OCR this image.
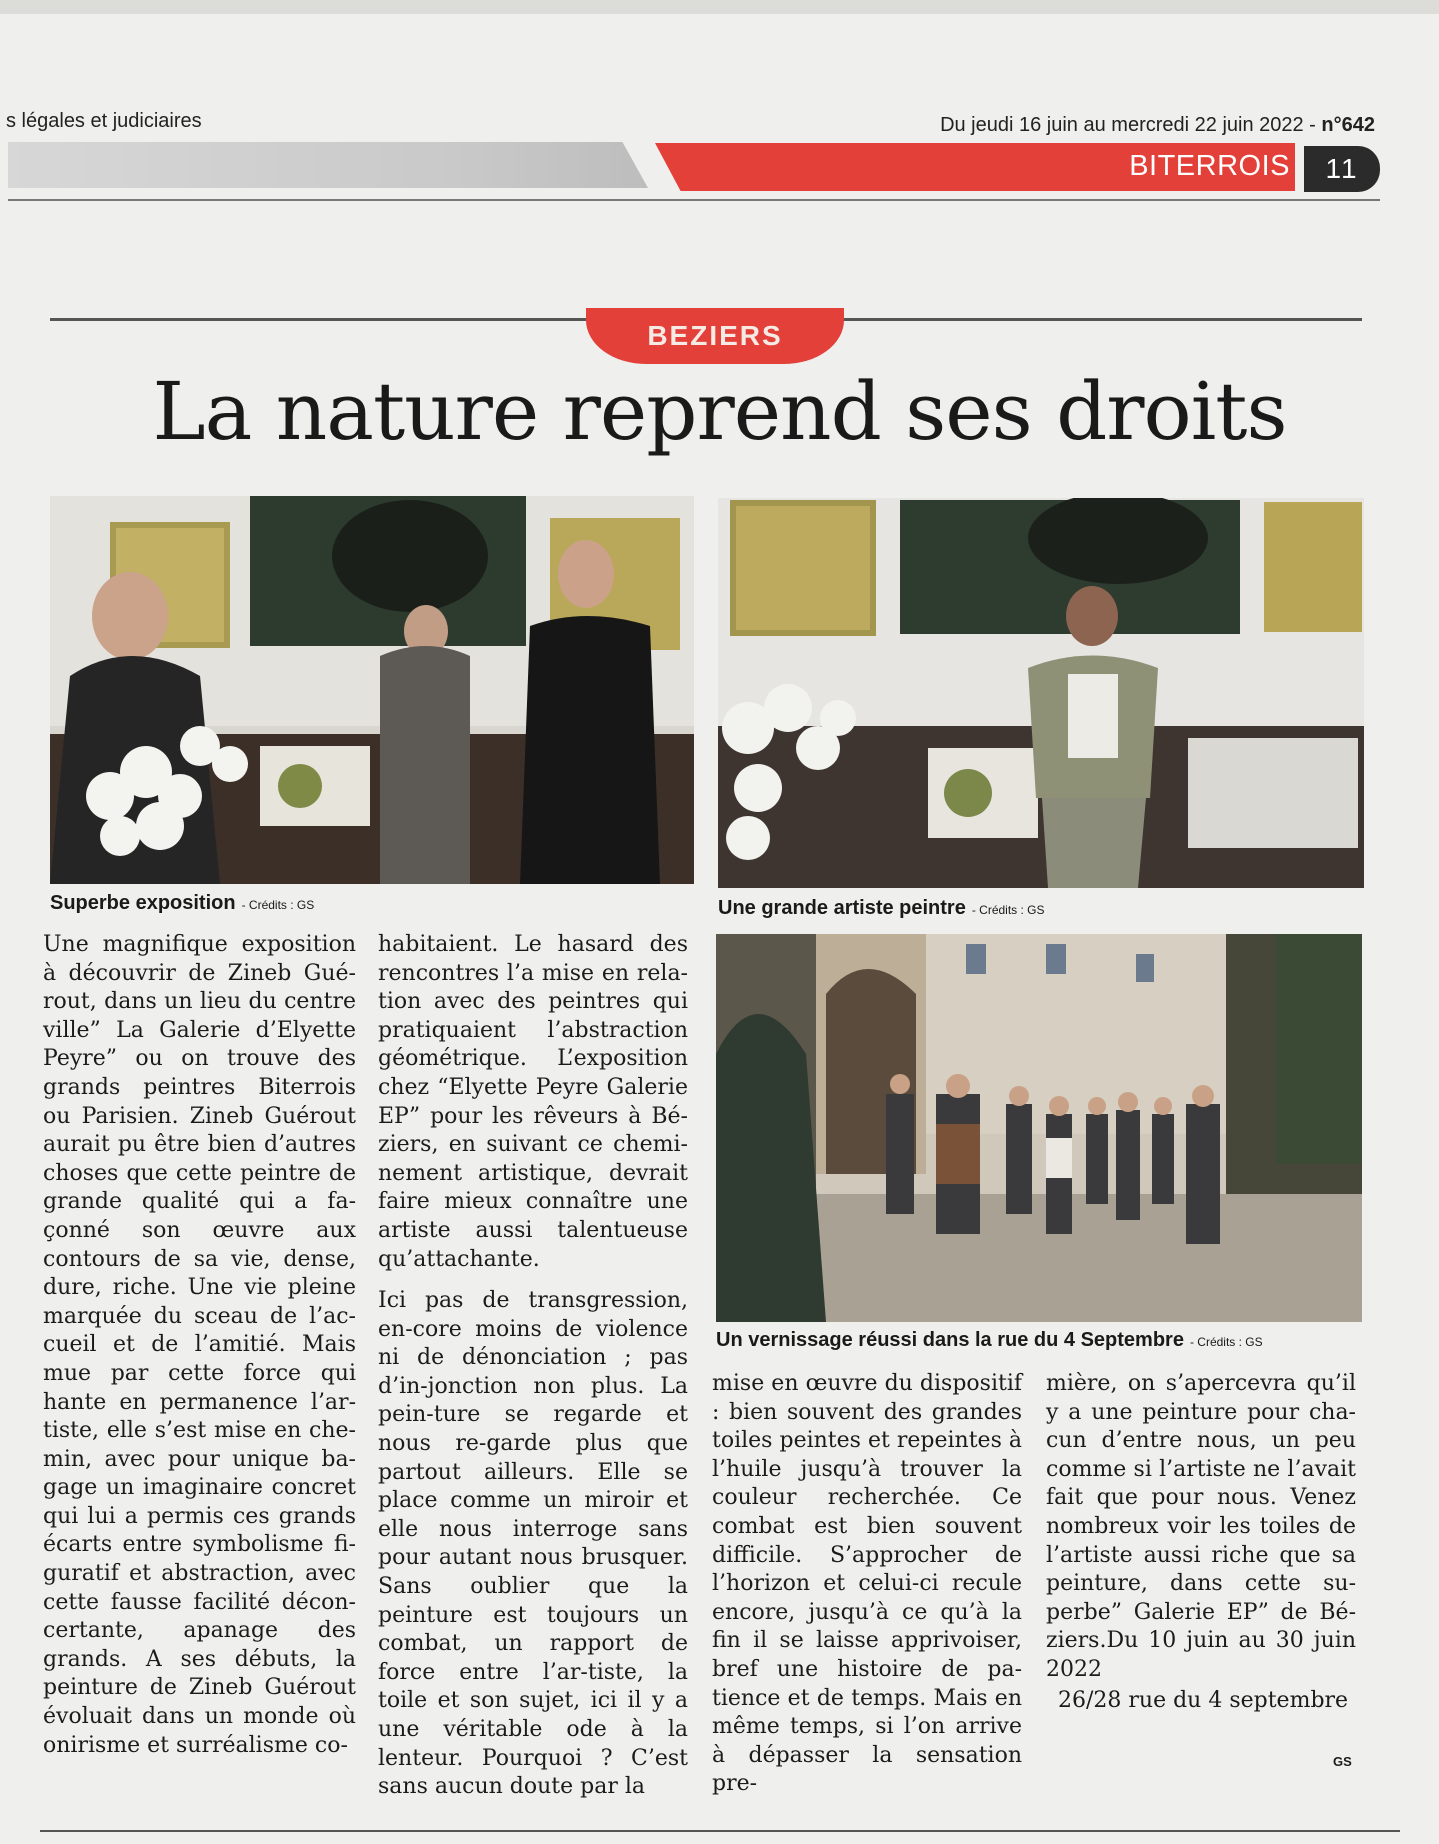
s légales et judiciaires	Du jeudi 16 juin au mercredi 22 juin 2022 - n°642
BITERROIS	11
BEZIERS
La nature reprend ses droits
Superbe exposition - Crédits : GS	Une grande artiste peintre - Crédits : GS
Un vernissage réussi dans la rue du 4 Septembre - Crédits : GS
Une magnifique exposition à découvrir de Zineb Gué-rout, dans un lieu du centre ville” La Galerie d’Elyette Peyre” ou on trouve des grands peintres Biterrois ou Parisien. Zineb Guérout aurait pu être bien d’autres choses que cette peintre de grande qualité qui a fa-çonné son œuvre aux contours de sa vie, dense, dure, riche. Une vie pleine marquée du sceau de l’ac-cueil et de l’amitié. Mais mue par cette force qui hante en permanence l’ar-tiste, elle s’est mise en che-min, avec pour unique ba-gage un imaginaire concret qui lui a permis ces grands écarts entre symbolisme fi-guratif et abstraction, avec cette fausse facilité décon-certante, apanage des grands. A ses débuts, la peinture de Zineb Guérout évoluait dans un monde où onirisme et surréalisme co-
habitaient. Le hasard des rencontres l’a mise en rela-tion avec des peintres qui pratiquaient l’abstraction géométrique. L’exposition chez “Elyette Peyre Galerie EP” pour les rêveurs à Bé-ziers, en suivant ce chemi-nement artistique, devrait faire mieux connaître une artiste aussi talentueuse qu’attachante.
Ici pas de transgression, en-core moins de violence ni de dénonciation ; pas d’in-jonction non plus. La pein-ture se regarde et nous re-garde plus que partout ailleurs. Elle se place comme un miroir et elle nous interroge sans pour autant nous brusquer. Sans oublier que la peinture est toujours un combat, un rapport de force entre l’ar-tiste, la toile et son sujet, ici il y a une véritable ode à la lenteur. Pourquoi ? C’est sans aucun doute par la
mise en œuvre du dispositif : bien souvent des grandes toiles peintes et repeintes à l’huile jusqu’à trouver la couleur recherchée. Ce combat est bien souvent difficile. S’approcher de l’horizon et celui-ci recule encore, jusqu’à ce qu’à la fin il se laisse apprivoiser, bref une histoire de pa-tience et de temps. Mais en même temps, si l’on arrive à dépasser la sensation pre-
mière, on s’apercevra qu’il y a une peinture pour cha-cun d’entre nous, un peu comme si l’artiste ne l’avait fait que pour nous. Venez nombreux voir les toiles de l’artiste aussi riche que sa peinture, dans cette su-perbe” Galerie EP” de Bé-ziers.Du 10 juin au 30 juin 2022
26/28 rue du 4 septembre
GS
